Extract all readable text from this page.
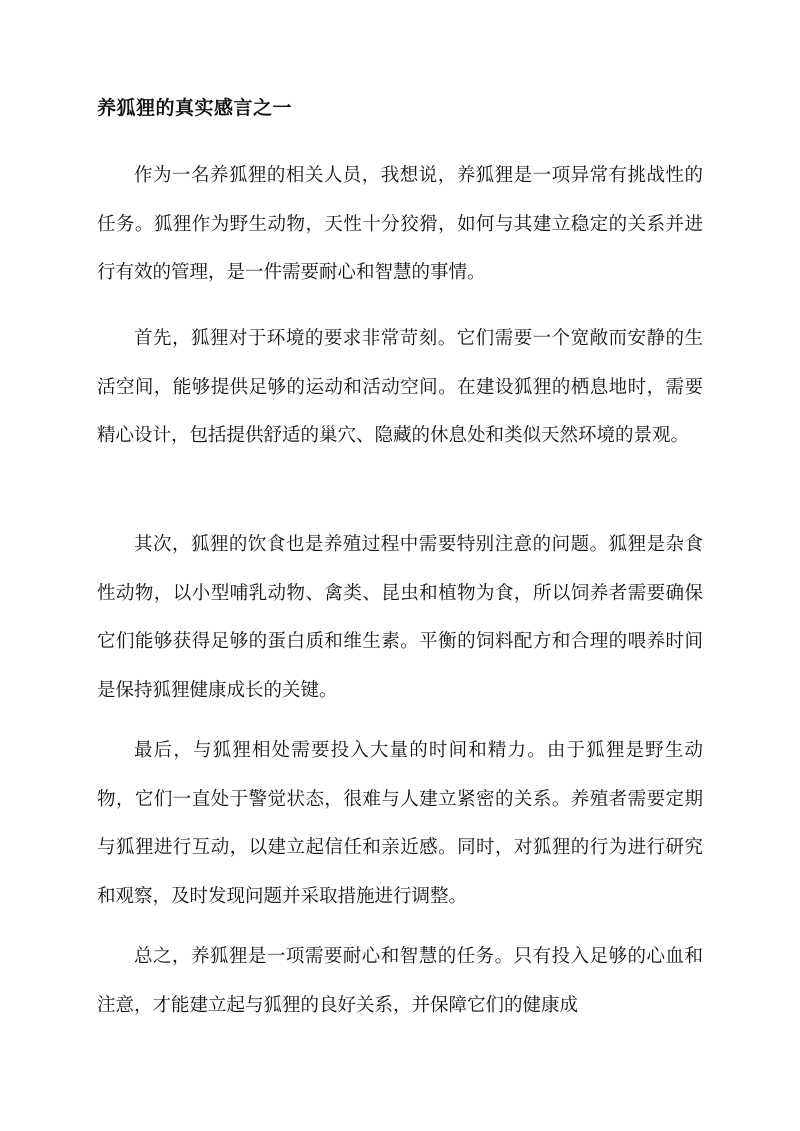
养狐狸的真实感言之一

作为一名养狐狸的相关人员，我想说，养狐狸是一项异常有挑战性的任务。狐狸作为野生动物，天性十分狡猾，如何与其建立稳定的关系并进行有效的管理，是一件需要耐心和智慧的事情。

首先，狐狸对于环境的要求非常苛刻。它们需要一个宽敞而安静的生活空间，能够提供足够的运动和活动空间。在建设狐狸的栖息地时，需要精心设计，包括提供舒适的巢穴、隐藏的休息处和类似天然环境的景观。

其次，狐狸的饮食也是养殖过程中需要特别注意的问题。狐狸是杂食性动物，以小型哺乳动物、禽类、昆虫和植物为食，所以饲养者需要确保它们能够获得足够的蛋白质和维生素。平衡的饲料配方和合理的喂养时间是保持狐狸健康成长的关键。

最后，与狐狸相处需要投入大量的时间和精力。由于狐狸是野生动物，它们一直处于警觉状态，很难与人建立紧密的关系。养殖者需要定期与狐狸进行互动，以建立起信任和亲近感。同时，对狐狸的行为进行研究和观察，及时发现问题并采取措施进行调整。

总之，养狐狸是一项需要耐心和智慧的任务。只有投入足够的心血和注意，才能建立起与狐狸的良好关系，并保障它们的健康成
